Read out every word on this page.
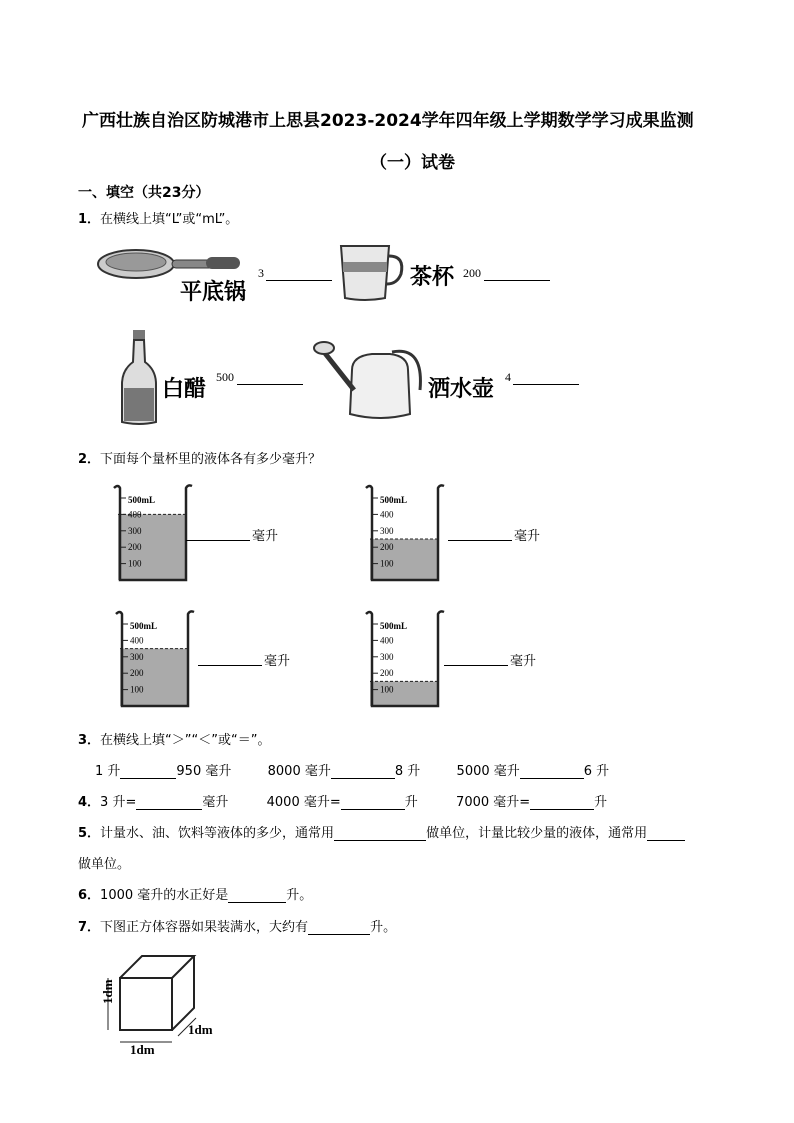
广西壮族自治区防城港市上思县2023-2024学年四年级上学期数学学习成果监测
（一）试卷
一、填空（共23分）
1．在横线上填“L”或“mL”。
平底锅
3	茶杯 200
白醋 500	洒水壶 4
2．下面每个量杯里的液体各有多少毫升？
500mL
400
300
200
100
500mL
400
300
200
100
500mL
400
300
200
100
500mL
400
300
200
100
毫升	毫升
毫升	毫升
3．在横线上填“＞”“＜”或“＝”。
1 升	950 毫升	8000 毫升	8 升	5000 毫升	6 升
4．3 升=	毫升	4000 毫升=	升	7000 毫升=	升
5．计量水、油、饮料等液体的多少，通常用	做单位，计量比较少量的液体，通常用
做单位。
6．1000 毫升的水正好是	升。
7．下图正方体容器如果装满水，大约有	升。
1dm
1dm
1dm
